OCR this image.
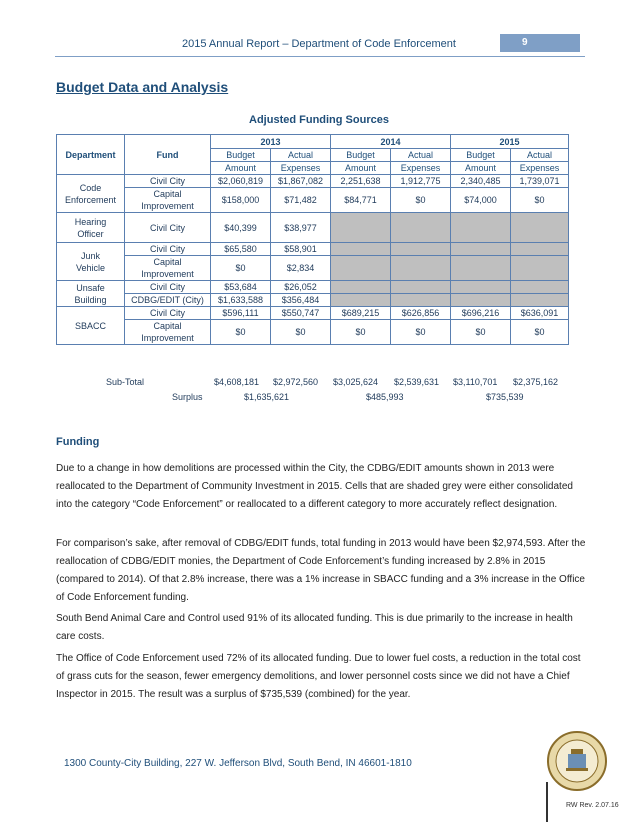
2015 Annual Report – Department of Code Enforcement	9
Budget Data and Analysis
Adjusted Funding Sources
Department	Fund	2013		2014		2015	
		Budget	Actual	Budget	Actual	Budget	Actual
		Amount	Expenses	Amount	Expenses	Amount	Expenses
Code
Enforcement	Civil City	$2,060,819	$1,867,082	2,251,638	1,912,775	2,340,485	1,739,071
	Capital
Improvement	$158,000	$71,482	$84,771	$0	$74,000	$0
Hearing
Officer	Civil City	$40,399	$38,977				
Junk
Vehicle	Civil City	$65,580	$58,901				
	Capital
Improvement	$0	$2,834				
Unsafe
Building	Civil City	$53,684	$26,052				
	CDBG/EDIT (City)	$1,633,588	$356,484				
SBACC	Civil City	$596,111	$550,747	$689,215	$626,856	$696,216	$636,091
	Capital
Improvement	$0	$0	$0	$0	$0	$0
Sub-Total	$4,608,181 $2,972,560 $3,025,624 $2,539,631 $3,110,701 $2,375,162
Surplus	$1,635,621	$485,993	$735,539
Funding
Due to a change in how demolitions are processed within the City, the CDBG/EDIT amounts shown in 2013 were reallocated to the Department of Community Investment in 2015. Cells that are shaded grey were either consolidated into the category “Code Enforcement” or reallocated to a different category to more accurately reflect designation.
For comparison’s sake, after removal of CDBG/EDIT funds, total funding in 2013 would have been $2,974,593. After the reallocation of CDBG/EDIT monies, the Department of Code Enforcement’s funding increased by 2.8% in 2015 (compared to 2014). Of that 2.8% increase, there was a 1% increase in SBACC funding and a 3% increase in the Office of Code Enforcement funding.
South Bend Animal Care and Control used 91% of its allocated funding. This is due primarily to the increase in health care costs.
The Office of Code Enforcement used 72% of its allocated funding. Due to lower fuel costs, a reduction in the total cost of grass cuts for the season, fewer emergency demolitions, and lower personnel costs since we did not have a Chief Inspector in 2015. The result was a surplus of $735,539 (combined) for the year.
1300 County-City Building, 227 W. Jefferson Blvd, South Bend, IN 46601-1810
RW Rev. 2.07.16
